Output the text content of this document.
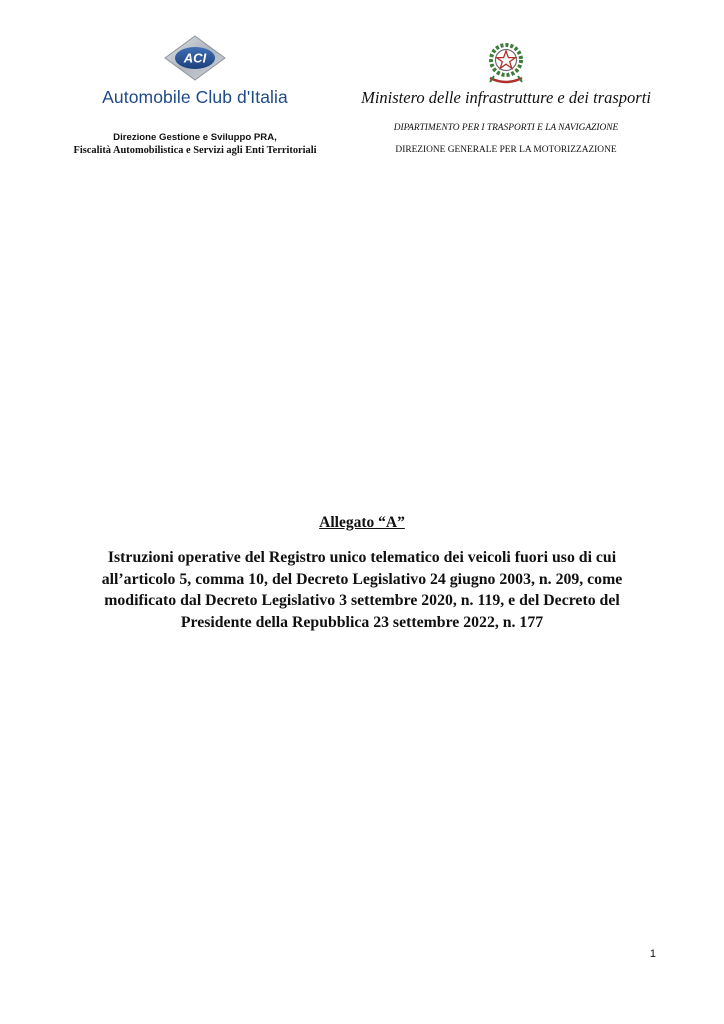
ACI
Automobile Club d'Italia
Direzione Gestione e Sviluppo PRA,
Fiscalità Automobilistica e Servizi agli Enti Territoriali
Ministero delle infrastrutture e dei trasporti
DIPARTIMENTO PER I TRASPORTI E LA NAVIGAZIONE
DIREZIONE GENERALE PER LA MOTORIZZAZIONE
Allegato “A”
Istruzioni operative del Registro unico telematico dei veicoli fuori uso di cui all’articolo 5, comma 10, del Decreto Legislativo 24 giugno 2003, n. 209, come modificato dal Decreto Legislativo 3 settembre 2020, n. 119, e del Decreto del Presidente della Repubblica 23 settembre 2022, n. 177
1
